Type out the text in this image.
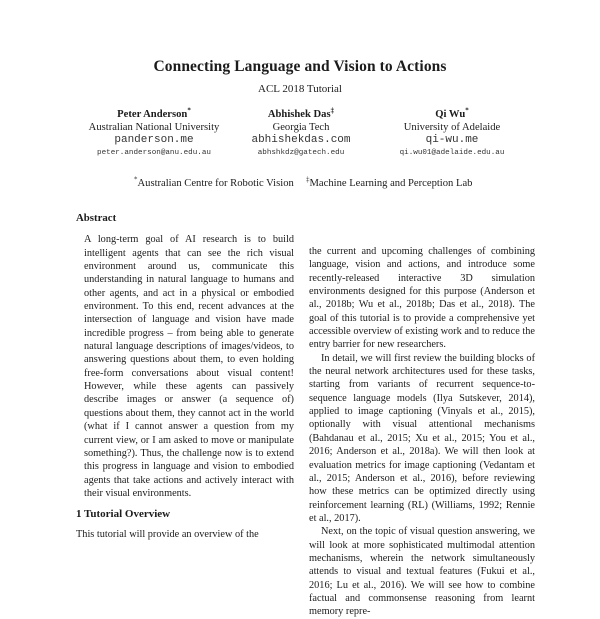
Connecting Language and Vision to Actions
ACL 2018 Tutorial
Peter Anderson*
Australian National University
panderson.me
peter.anderson@anu.edu.au
Abhishek Das‡
Georgia Tech
abhishekdas.com
abhshkdz@gatech.edu
Qi Wu*
University of Adelaide
qi-wu.me
qi.wu01@adelaide.edu.au
*Australian Centre for Robotic Vision ‡Machine Learning and Perception Lab

Abstract

A long-term goal of AI research is to build intelligent agents that can see the rich visual environment around us, communicate this understanding in natural language to humans and other agents, and act in a physical or embodied environment. To this end, recent advances at the intersection of language and vision have made incredible progress – from being able to generate natural language descriptions of images/videos, to answering questions about them, to even holding free-form conversations about visual content! However, while these agents can passively describe images or answer (a sequence of) questions about them, they cannot act in the world (what if I cannot answer a question from my current view, or I am asked to move or manipulate something?). Thus, the challenge now is to extend this progress in language and vision to embodied agents that take actions and actively interact with their visual environments.

1 Tutorial Overview

This tutorial will provide an overview of the

the current and upcoming challenges of combining language, vision and actions, and introduce some recently-released interactive 3D simulation environments designed for this purpose (Anderson et al., 2018b; Wu et al., 2018b; Das et al., 2018). The goal of this tutorial is to provide a comprehensive yet accessible overview of existing work and to reduce the entry barrier for new researchers.

In detail, we will first review the building blocks of the neural network architectures used for these tasks, starting from variants of recurrent sequence-to-sequence language models (Ilya Sutskever, 2014), applied to image captioning (Vinyals et al., 2015), optionally with visual attentional mechanisms (Bahdanau et al., 2015; Xu et al., 2015; You et al., 2016; Anderson et al., 2018a). We will then look at evaluation metrics for image captioning (Vedantam et al., 2015; Anderson et al., 2016), before reviewing how these metrics can be optimized directly using reinforcement learning (RL) (Williams, 1992; Rennie et al., 2017).

Next, on the topic of visual question answering, we will look at more sophisticated multimodal attention mechanisms, wherein the network simultaneously attends to visual and textual features (Fukui et al., 2016; Lu et al., 2016). We will see how to combine factual and commonsense reasoning from learnt memory repre-
